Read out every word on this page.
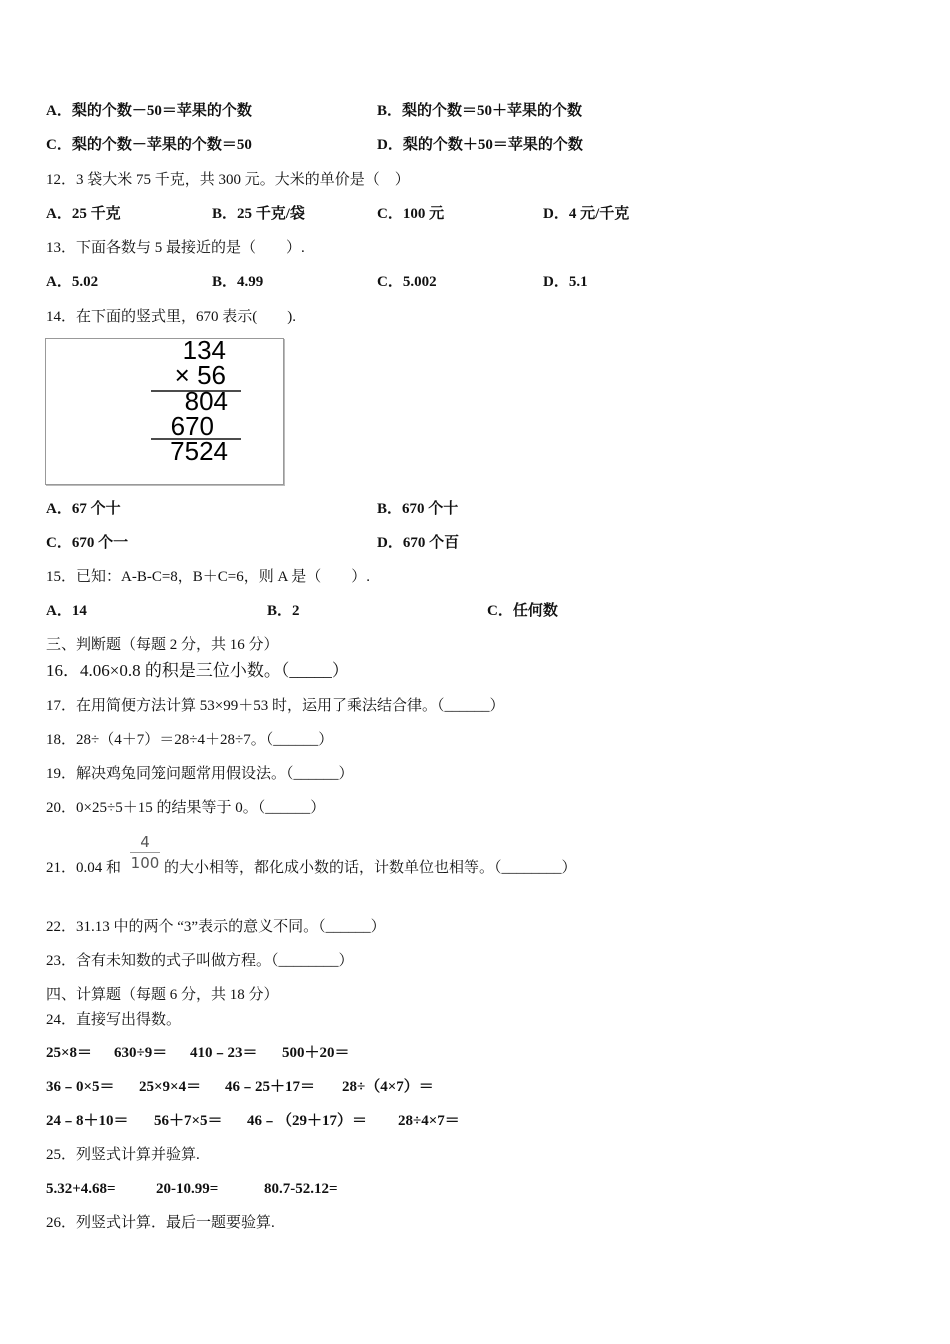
A．梨的个数－50＝苹果的个数	B．梨的个数＝50＋苹果的个数
C．梨的个数－苹果的个数＝50	D．梨的个数＋50＝苹果的个数
12．3 袋大米 75 千克，共 300 元。大米的单价是（　）
A．25 千克	B．25 千克/袋	C．100 元	D．4 元/千克
13．下面各数与 5 最接近的是（　　）.
A．5.02	B．4.99	C．5.002	D．5.1
14．在下面的竖式里，670 表示(　　).
134
× 56
804
670
7524
A．67 个十	B．670 个十
C．670 个一	D．670 个百
15．已知：A-B-C=8，B＋C=6，则 A 是（　　）.
A．14	B．2	C．任何数
三、判断题（每题 2 分，共 16 分）
16．4.06×0.8 的积是三位小数。（_____）
17．在用简便方法计算 53×99＋53 时，运用了乘法结合律。（______）
18．28÷（4＋7）＝28÷4＋28÷7。（______）
19．解决鸡兔同笼问题常用假设法。（______）
20．0×25÷5＋15 的结果等于 0。（______）
21．0.04 和
4
100 的大小相等，都化成小数的话，计数单位也相等。（________）
22．31.13 中的两个 “3”表示的意义不同。（______）
23．含有未知数的式子叫做方程。（________）
四、计算题（每题 6 分，共 18 分）
24．直接写出得数。
25×8＝ 630÷9＝ 410﹣23＝ 500＋20＝
36﹣0×5＝ 25×9×4＝ 46﹣25＋17＝ 28÷（4×7）＝
24﹣8＋10＝ 56＋7×5＝ 46﹣（29＋17）＝ 28÷4×7＝
25．列竖式计算并验算.
5.32+4.68=	20-10.99=	80.7-52.12=
26．列竖式计算．最后一题要验算.
